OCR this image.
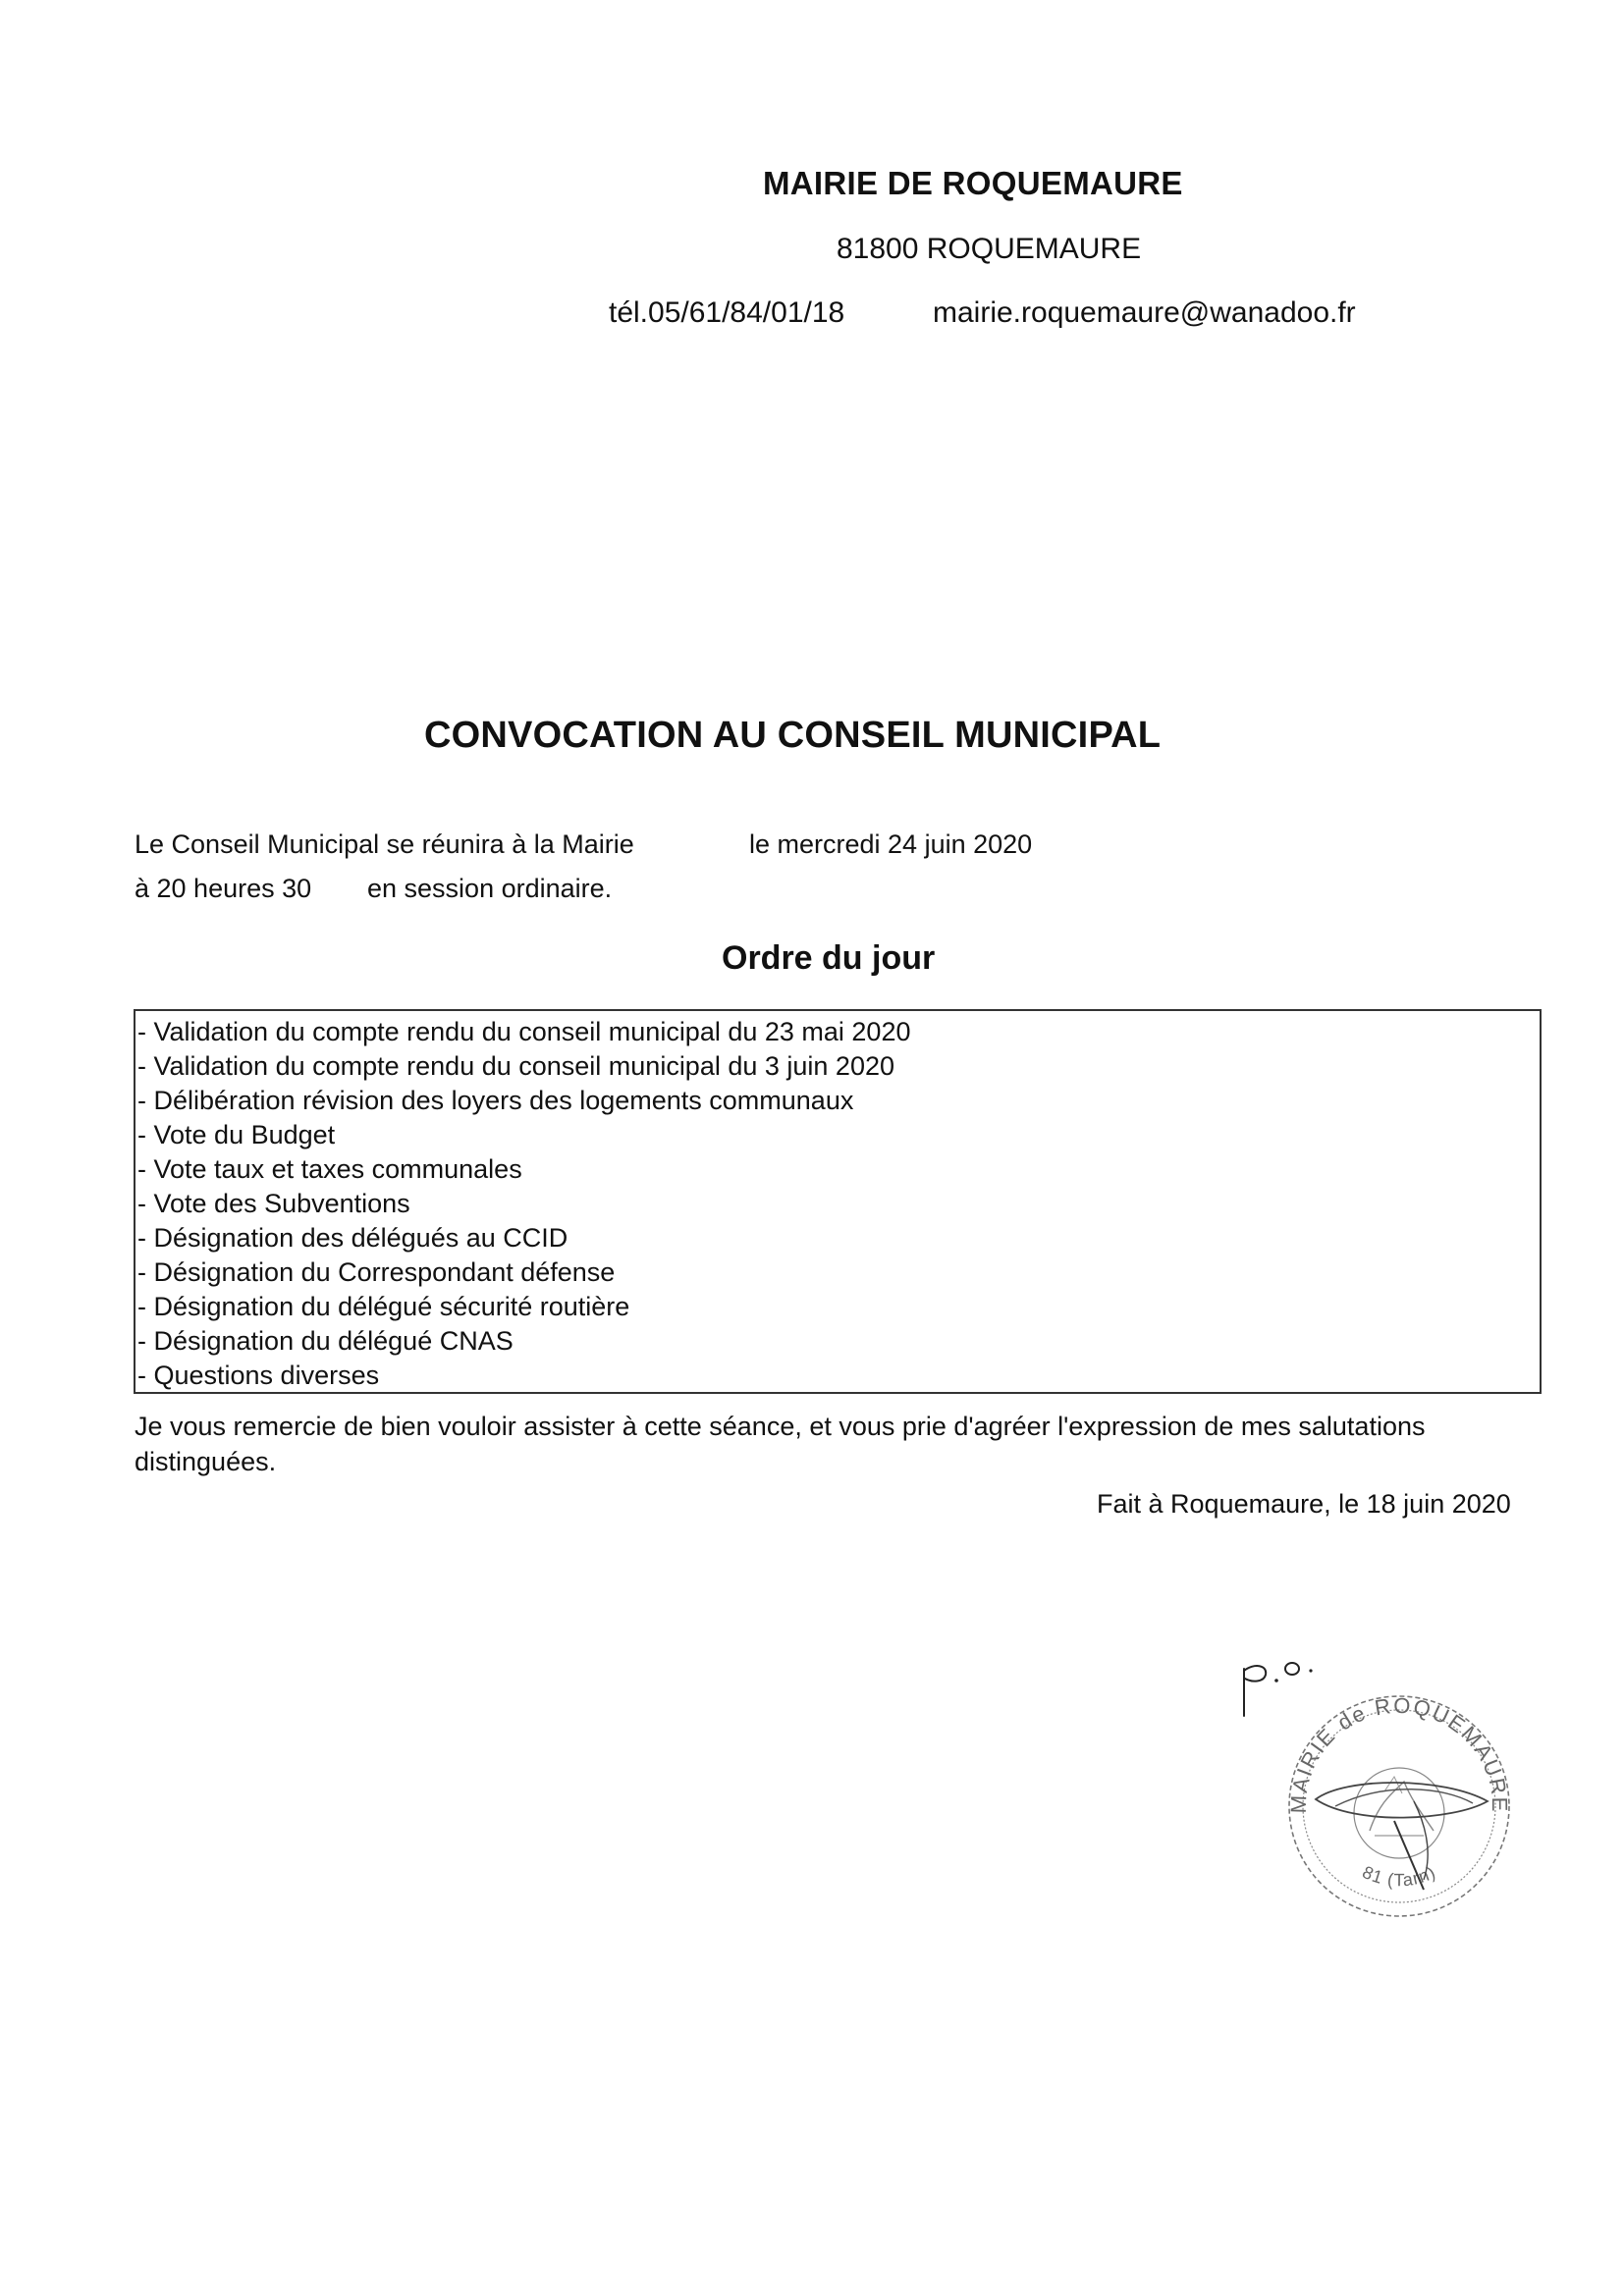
MAIRIE DE ROQUEMAURE
81800 ROQUEMAURE
tél.05/61/84/01/18	mairie.roquemaure@wanadoo.fr
CONVOCATION AU CONSEIL MUNICIPAL
Le Conseil Municipal se réunira à la Mairie	le mercredi 24 juin 2020
à 20 heures 30 en session ordinaire.
Ordre du jour
- Validation du compte rendu du conseil municipal du 23 mai 2020
- Validation du compte rendu du conseil municipal du 3 juin 2020
- Délibération révision des loyers des logements communaux
- Vote du Budget
- Vote taux et taxes communales
- Vote des Subventions
- Désignation des délégués au CCID
- Désignation du Correspondant défense
- Désignation du délégué sécurité routière
- Désignation du délégué CNAS
- Questions diverses
Je vous remercie de bien vouloir assister à cette séance, et vous prie d'agréer l'expression de mes salutations distinguées.
Fait à Roquemaure, le 18 juin 2020
MAIRIE de ROQUEMAURE
81 (Tarn)
